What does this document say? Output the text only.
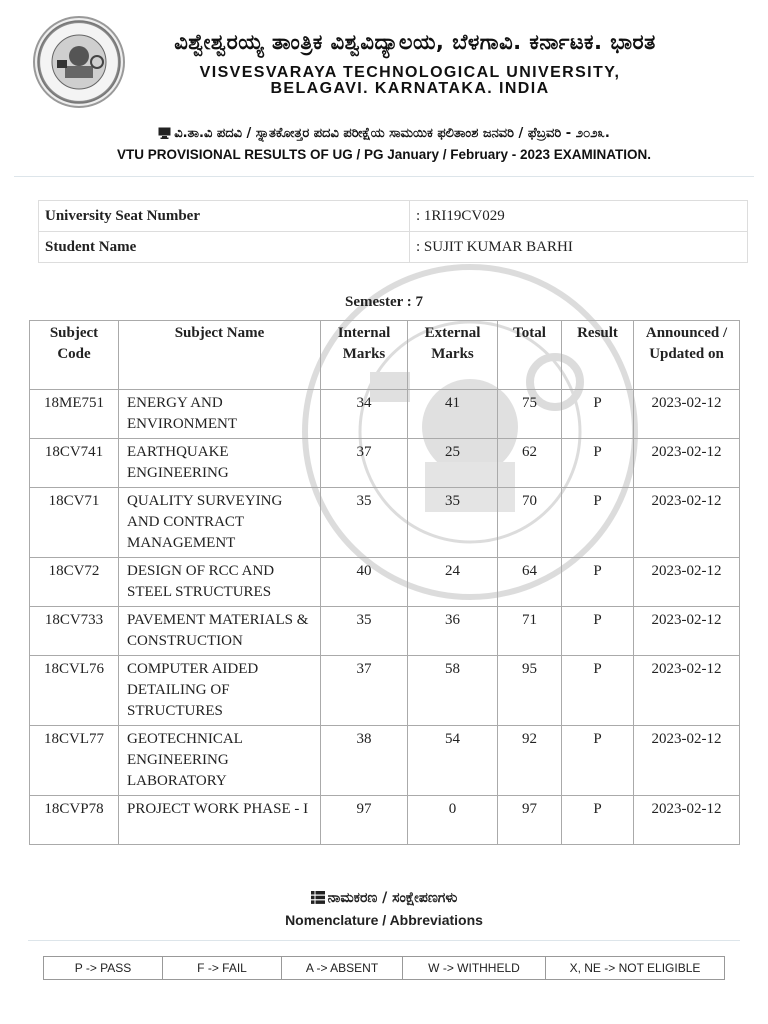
ವಿಶ್ವೇಶ್ವರಯ್ಯ ತಾಂತ್ರಿಕ ವಿಶ್ವವಿದ್ಯಾಲಯ, ಬೆಳಗಾವಿ. ಕರ್ನಾಟಕ. ಭಾರತ
VISVESVARAYA TECHNOLOGICAL UNIVERSITY,
BELAGAVI. KARNATAKA. INDIA
ವಿ.ತಾ.ವಿ ಪದವಿ / ಸ್ನಾತಕೋತ್ತರ ಪದವಿ ಪರೀಕ್ಷೆಯ ಸಾಮಯಿಕ ಫಲಿತಾಂಶ ಜನವರಿ / ಫೆಬ್ರವರಿ - ೨೦೨೩.
VTU PROVISIONAL RESULTS OF UG / PG January / February - 2023 EXAMINATION.
University Seat Number	: 1RI19CV029
Student Name	: SUJIT KUMAR BARHI
Semester : 7
Subject Code	Subject Name	Internal Marks	External Marks	Total	Result	Announced / Updated on
18ME751	ENERGY AND ENVIRONMENT	34	41	75	P	2023-02-12
18CV741	EARTHQUAKE ENGINEERING	37	25	62	P	2023-02-12
18CV71	QUALITY SURVEYING AND CONTRACT MANAGEMENT	35	35	70	P	2023-02-12
18CV72	DESIGN OF RCC AND STEEL STRUCTURES	40	24	64	P	2023-02-12
18CV733	PAVEMENT MATERIALS & CONSTRUCTION	35	36	71	P	2023-02-12
18CVL76	COMPUTER AIDED DETAILING OF STRUCTURES	37	58	95	P	2023-02-12
18CVL77	GEOTECHNICAL ENGINEERING LABORATORY	38	54	92	P	2023-02-12
18CVP78	PROJECT WORK PHASE - I	97	0	97	P	2023-02-12
ನಾಮಕರಣ / ಸಂಕ್ಷೇಪಣಗಳು
Nomenclature / Abbreviations
P -> PASS	F -> FAIL	A -> ABSENT	W -> WITHHELD	X, NE -> NOT ELIGIBLE
